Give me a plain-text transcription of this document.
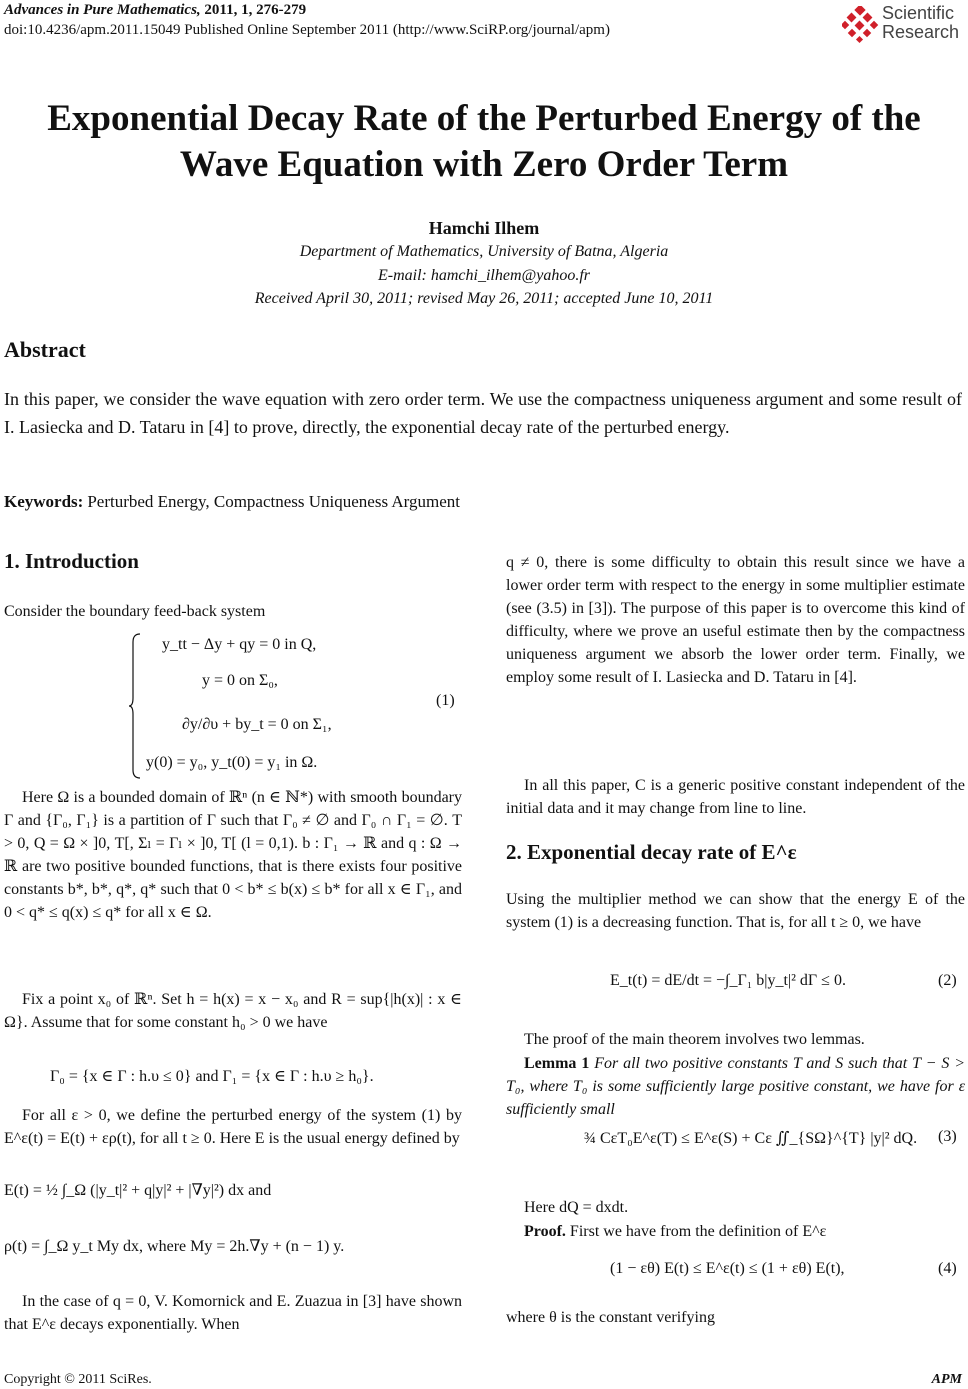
Advances in Pure Mathematics, 2011, 1, 276-279
doi:10.4236/apm.2011.15049 Published Online September 2011 (http://www.SciRP.org/journal/apm)
Scientific
Research
Exponential Decay Rate of the Perturbed Energy of the
Wave Equation with Zero Order Term
Hamchi Ilhem
Department of Mathematics, University of Batna, Algeria
E-mail: hamchi_ilhem@yahoo.fr
Received April 30, 2011; revised May 26, 2011; accepted June 10, 2011
Abstract
In this paper, we consider the wave equation with zero order term. We use the compactness uniqueness argument and some result of I. Lasiecka and D. Tataru in [4] to prove, directly, the exponential decay rate of the perturbed energy.
Keywords: Perturbed Energy, Compactness Uniqueness Argument
1. Introduction

Consider the boundary feed-back system

y_tt − Δy + qy = 0 in Q,
y = 0 on Σ₀,
∂y/∂υ + by_t = 0 on Σ₁,
y(0) = y₀, y_t(0) = y₁ in Ω.
(1)

Here Ω is a bounded domain of ℝⁿ (n ∈ ℕ*) with smooth boundary Γ and {Γ₀, Γ₁} is a partition of Γ such that Γ₀ ≠ ∅ and Γ₀ ∩ Γ₁ = ∅. T > 0, Q = Ω × ]0, T[, Σₗ = Γₗ × ]0, T[ (l = 0,1). b : Γ₁ → ℝ and q : Ω → ℝ are two positive bounded functions, that is there exists four positive constants b*, b*, q*, q* such that 0 < b* ≤ b(x) ≤ b* for all x ∈ Γ₁, and 0 < q* ≤ q(x) ≤ q* for all x ∈ Ω.

Fix a point x₀ of ℝⁿ. Set h = h(x) = x − x₀ and R = sup{|h(x)| : x ∈ Ω}. Assume that for some constant h₀ > 0 we have

Γ₀ = {x ∈ Γ : h.υ ≤ 0} and Γ₁ = {x ∈ Γ : h.υ ≥ h₀}.

For all ε > 0, we define the perturbed energy of the system (1) by E^ε(t) = E(t) + ερ(t), for all t ≥ 0. Here E is the usual energy defined by

E(t) = ½ ∫_Ω (|y_t|² + q|y|² + |∇y|²) dx and
ρ(t) = ∫_Ω y_t My dx, where My = 2h.∇y + (n − 1) y.

In the case of q = 0, V. Komornick and E. Zuazua in [3] have shown that E^ε decays exponentially. When

q ≠ 0, there is some difficulty to obtain this result since we have a lower order term with respect to the energy in some multiplier estimate (see (3.5) in [3]). The purpose of this paper is to overcome this kind of difficulty, where we prove an useful estimate then by the compactness uniqueness argument we absorb the lower order term. Finally, we employ some result of I. Lasiecka and D. Tataru in [4].

In all this paper, C is a generic positive constant independent of the initial data and it may change from line to line.

2. Exponential decay rate of E^ε

Using the multiplier method we can show that the energy E of the system (1) is a decreasing function. That is, for all t ≥ 0, we have

E_t(t) = dE/dt = −∫_Γ₁ b|y_t|² dΓ ≤ 0.	(2)

The proof of the main theorem involves two lemmas.

Lemma 1 For all two positive constants T and S such that T − S > T₀, where T₀ is some sufficiently large positive constant, we have for ε sufficiently small

¾ CεT₀E^ε(T) ≤ E^ε(S) + Cε ∬_{SΩ}^{T} |y|² dQ. (3)

Here dQ = dxdt.

Proof. First we have from the definition of E^ε

(1 − εθ) E(t) ≤ E^ε(t) ≤ (1 + εθ) E(t),	(4)

where θ is the constant verifying

Copyright © 2011 SciRes.	APM
